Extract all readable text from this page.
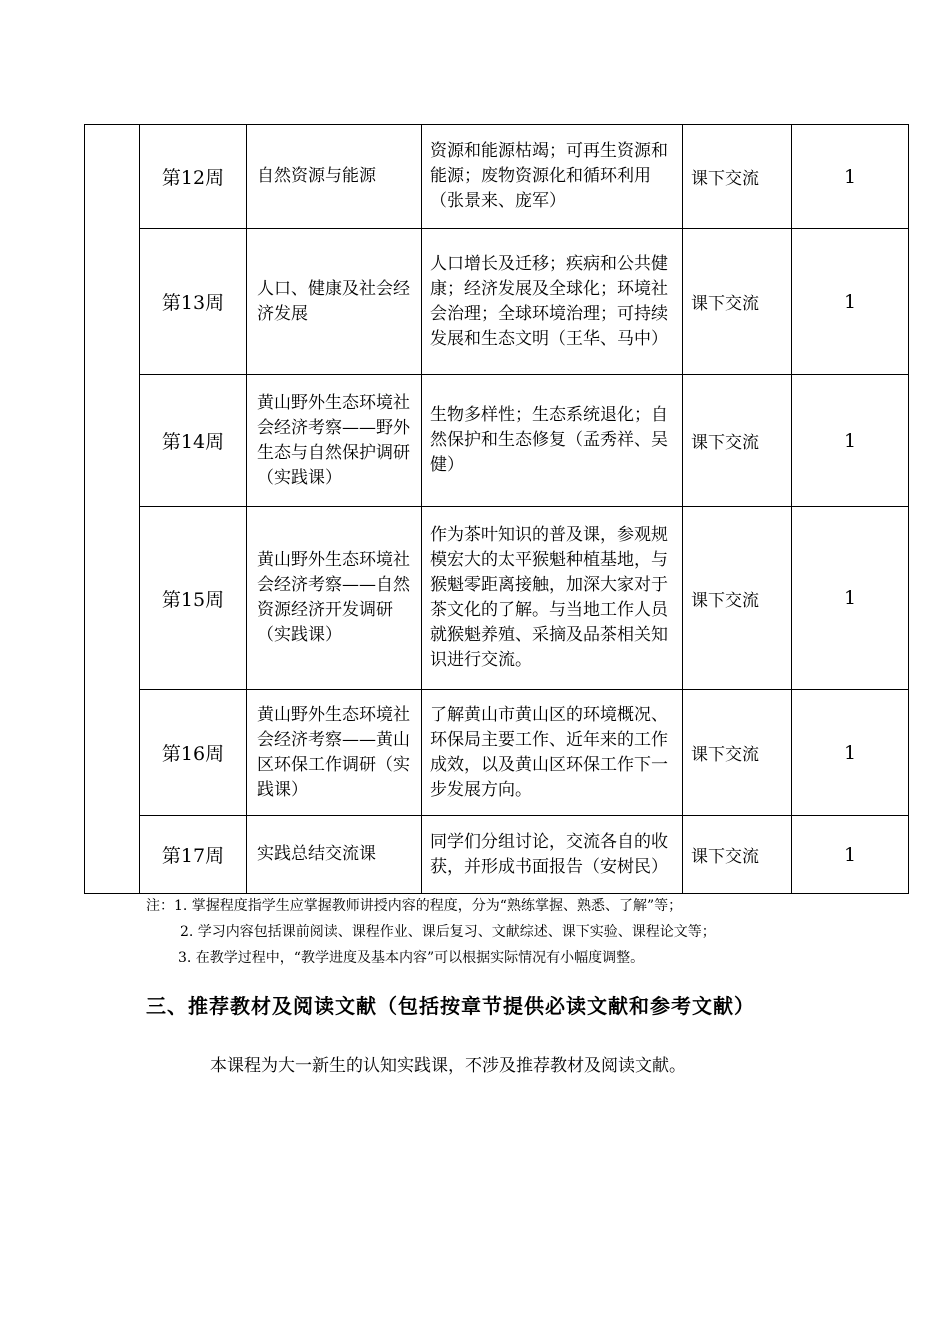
	第12周	自然资源与能源	资源和能源枯竭；可再生资源和能源；废物资源化和循环利用（张景来、庞军）	课下交流	1
	第13周	人口、健康及社会经济发展	人口增长及迁移；疾病和公共健康；经济发展及全球化；环境社会治理；全球环境治理；可持续发展和生态文明（王华、马中）	课下交流	1
	第14周	黄山野外生态环境社会经济考察——野外生态与自然保护调研（实践课）	生物多样性；生态系统退化；自然保护和生态修复（孟秀祥、吴健）	课下交流	1
	第15周	黄山野外生态环境社会经济考察——自然资源经济开发调研（实践课）	作为茶叶知识的普及课，参观规模宏大的太平猴魁种植基地，与猴魁零距离接触，加深大家对于茶文化的了解。与当地工作人员就猴魁养殖、采摘及品茶相关知识进行交流。	课下交流	1
	第16周	黄山野外生态环境社会经济考察——黄山区环保工作调研（实践课）	了解黄山市黄山区的环境概况、环保局主要工作、近年来的工作成效，以及黄山区环保工作下一步发展方向。	课下交流	1
	第17周	实践总结交流课	同学们分组讨论，交流各自的收获，并形成书面报告（安树民）	课下交流	1
注：1. 掌握程度指学生应掌握教师讲授内容的程度，分为“熟练掌握、熟悉、了解”等；
2. 学习内容包括课前阅读、课程作业、课后复习、文献综述、课下实验、课程论文等；
3. 在教学过程中，“教学进度及基本内容”可以根据实际情况有小幅度调整。
三、推荐教材及阅读文献（包括按章节提供必读文献和参考文献）
本课程为大一新生的认知实践课，不涉及推荐教材及阅读文献。
